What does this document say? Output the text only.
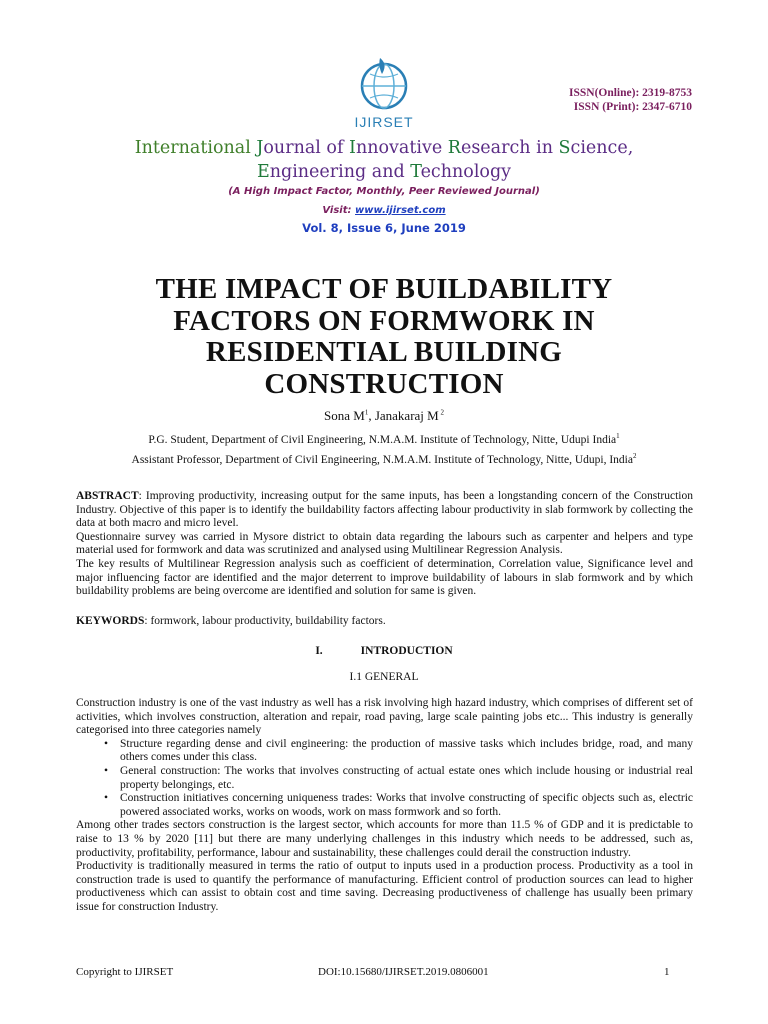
IJIRSET
ISSN(Online): 2319-8753
ISSN (Print): 2347-6710
International Journal of Innovative Research in Science,
Engineering and Technology
(A High Impact Factor, Monthly, Peer Reviewed Journal)
Visit: www.ijirset.com
Vol. 8, Issue 6, June 2019
THE IMPACT OF BUILDABILITY
FACTORS ON FORMWORK IN
RESIDENTIAL BUILDING
CONSTRUCTION
Sona $M^1$, Janakaraj M $^2$
P.G. Student, Department of Civil Engineering, N.M.A.M. Institute of Technology, Nitte, Udupi India$^1$
Assistant Professor, Department of Civil Engineering, N.M.A.M. Institute of Technology, Nitte, Udupi, India$^2$

ABSTRACT: Improving productivity, increasing output for the same inputs, has been a longstanding concern of the Construction Industry. Objective of this paper is to identify the buildability factors affecting labour productivity in slab formwork by collecting the data at both macro and micro level.

Questionnaire survey was carried in Mysore district to obtain data regarding the labours such as carpenter and helpers and type material used for formwork and data was scrutinized and analysed using Multilinear Regression Analysis.

The key results of Multilinear Regression analysis such as coefficient of determination, Correlation value, Significance level and major influencing factor are identified and the major deterrent to improve buildability of labours in slab formwork and by which buildability problems are being overcome are identified and solution for same is given.

KEYWORDS: formwork, labour productivity, buildability factors.

I.	INTRODUCTION
I.1 GENERAL

Construction industry is one of the vast industry as well has a risk involving high hazard industry, which comprises of different set of activities, which involves construction, alteration and repair, road paving, large scale painting jobs etc... This industry is generally categorised into three categories namely

• Structure regarding dense and civil engineering: the production of massive tasks which includes bridge, road, and many others comes under this class.
• General construction: The works that involves constructing of actual estate ones which include housing or industrial real property belongings, etc.
• Construction initiatives concerning uniqueness trades: Works that involve constructing of specific objects such as, electric powered associated works, works on woods, work on mass formwork and so forth.

Among other trades sectors construction is the largest sector, which accounts for more than 11.5 % of GDP and it is predictable to raise to 13 % by 2020 [11] but there are many underlying challenges in this industry which needs to be addressed, such as, productivity, profitability, performance, labour and sustainability, these challenges could derail the construction industry.

Productivity is traditionally measured in terms the ratio of output to inputs used in a production process. Productivity as a tool in construction trade is used to quantify the performance of manufacturing. Efficient control of production sources can lead to higher productiveness which can assist to obtain cost and time saving. Decreasing productiveness of challenge has usually been primary issue for construction Industry.

Copyright to IJIRSET	DOI:10.15680/IJIRSET.2019.0806001	1
